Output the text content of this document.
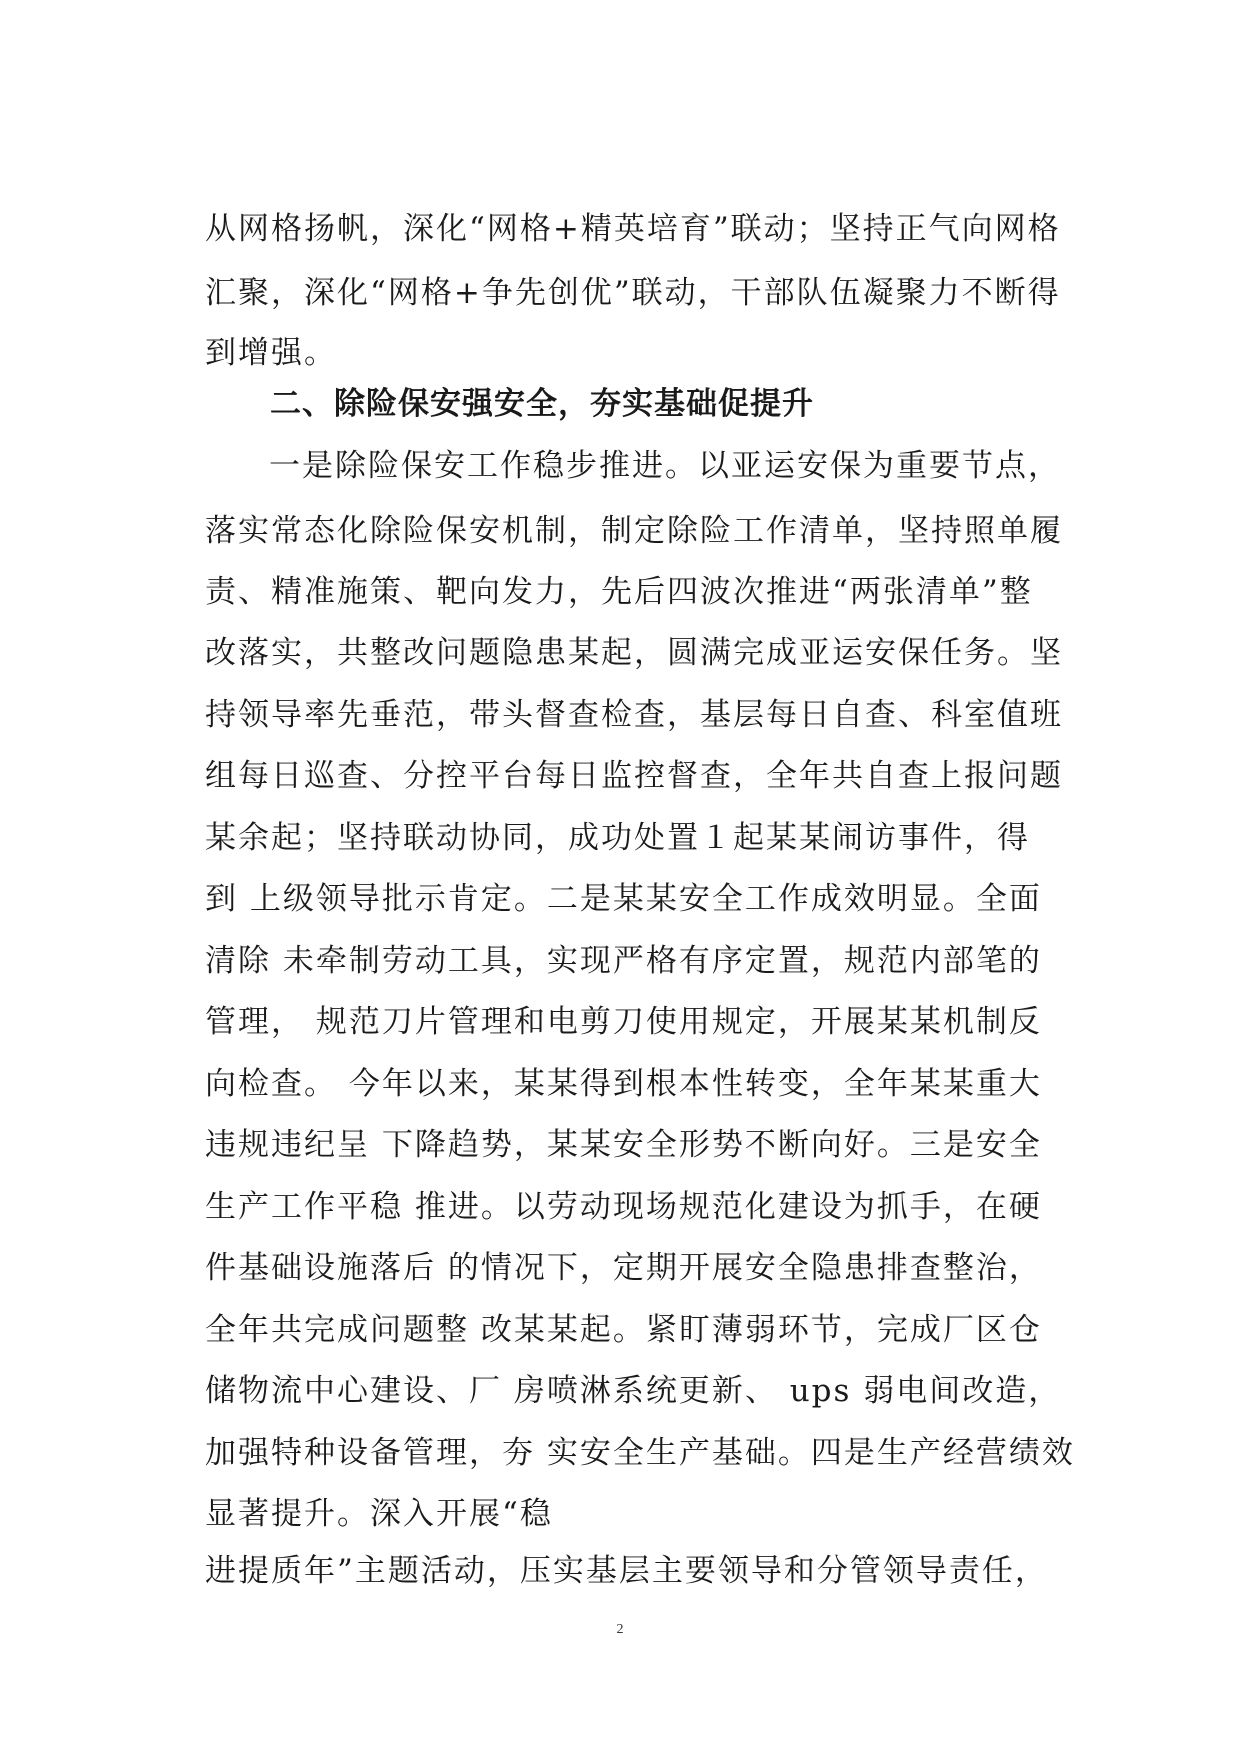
从网格扬帆，深化“网格+精英培育”联动；坚持正气向网格
汇聚，深化“网格+争先创优”联动，干部队伍凝聚力不断得
到增强。
二、除险保安强安全，夯实基础促提升
一是除险保安工作稳步推进。以亚运安保为重要节点，
落实常态化除险保安机制，制定除险工作清单，坚持照单履
责、精准施策、靶向发力，先后四波次推进“两张清单”整
改落实，共整改问题隐患某起，圆满完成亚运安保任务。坚
持领导率先垂范，带头督查检查，基层每日自查、科室值班
组每日巡查、分控平台每日监控督查，全年共自查上报问题
某余起；坚持联动协同，成功处置１起某某闹访事件，得
到 上级领导批示肯定。二是某某安全工作成效明显。全面
清除 未牵制劳动工具，实现严格有序定置，规范内部笔的
管理， 规范刀片管理和电剪刀使用规定，开展某某机制反
向检查。 今年以来，某某得到根本性转变，全年某某重大
违规违纪呈 下降趋势，某某安全形势不断向好。三是安全
生产工作平稳 推进。以劳动现场规范化建设为抓手，在硬
件基础设施落后 的情况下，定期开展安全隐患排查整治，
全年共完成问题整 改某某起。紧盯薄弱环节，完成厂区仓
储物流中心建设、厂 房喷淋系统更新、 ups 弱电间改造，
加强特种设备管理，夯 实安全生产基础。四是生产经营绩效
显著提升。深入开展“稳
进提质年”主题活动，压实基层主要领导和分管领导责任，
2
